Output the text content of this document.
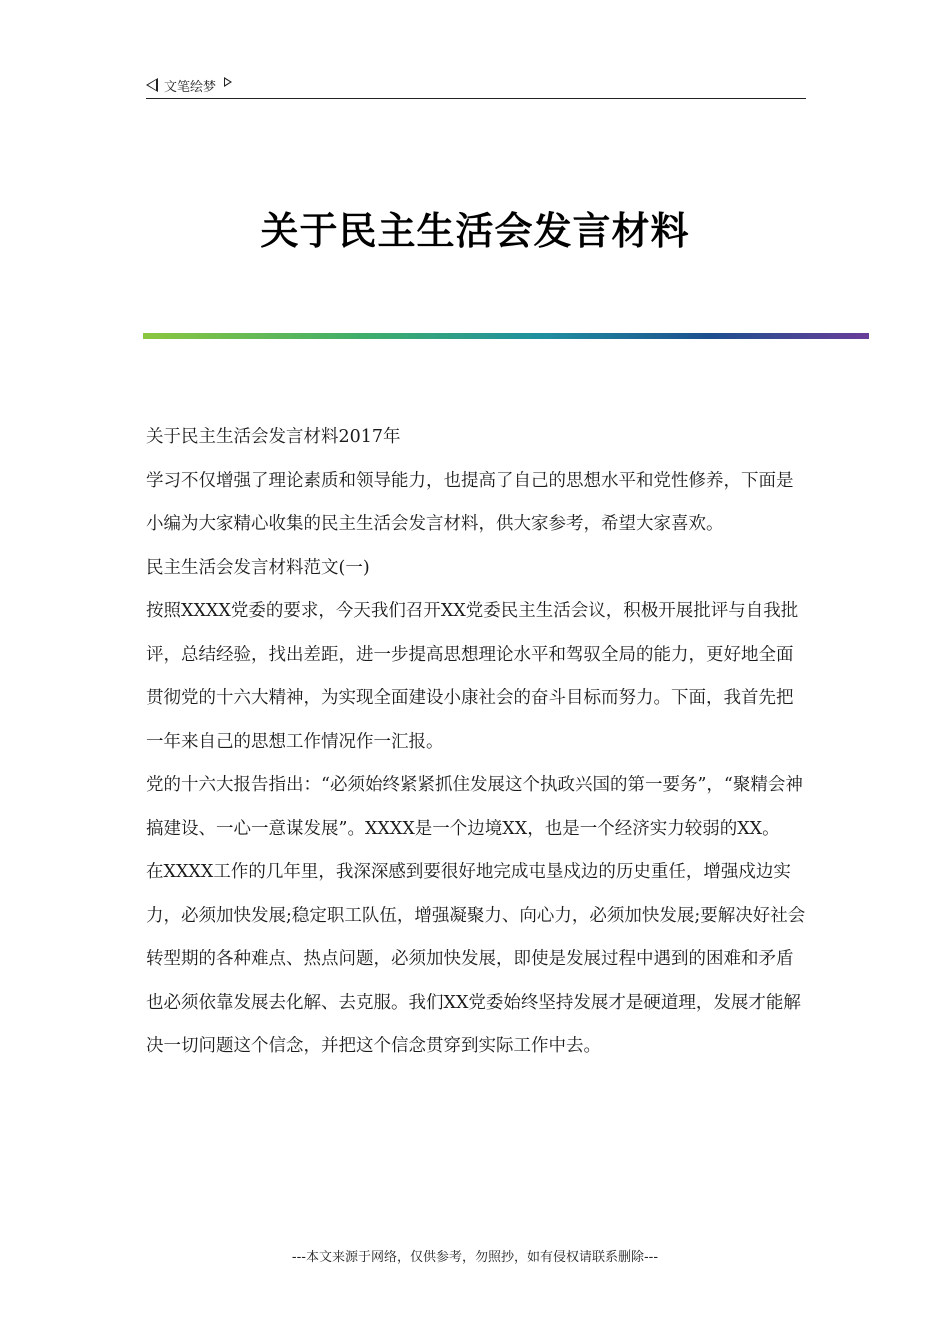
文笔绘梦
关于民主生活会发言材料

关于民主生活会发言材料2017年

学习不仅增强了理论素质和领导能力，也提高了自己的思想水平和党性修养，下面是小编为大家精心收集的民主生活会发言材料，供大家参考，希望大家喜欢。

民主生活会发言材料范文(一)

按照XXXX党委的要求，今天我们召开XX党委民主生活会议，积极开展批评与自我批评，总结经验，找出差距，进一步提高思想理论水平和驾驭全局的能力，更好地全面贯彻党的十六大精神，为实现全面建设小康社会的奋斗目标而努力。下面，我首先把一年来自己的思想工作情况作一汇报。

党的十六大报告指出：“必须始终紧紧抓住发展这个执政兴国的第一要务”，“聚精会神搞建设、一心一意谋发展”。XXXX是一个边境XX，也是一个经济实力较弱的XX。

在XXXX工作的几年里，我深深感到要很好地完成屯垦戍边的历史重任，增强戍边实力，必须加快发展;稳定职工队伍，增强凝聚力、向心力，必须加快发展;要解决好社会转型期的各种难点、热点问题，必须加快发展，即使是发展过程中遇到的困难和矛盾也必须依靠发展去化解、去克服。我们XX党委始终坚持发展才是硬道理，发展才能解决一切问题这个信念，并把这个信念贯穿到实际工作中去。

---本文来源于网络，仅供参考，勿照抄，如有侵权请联系删除---
